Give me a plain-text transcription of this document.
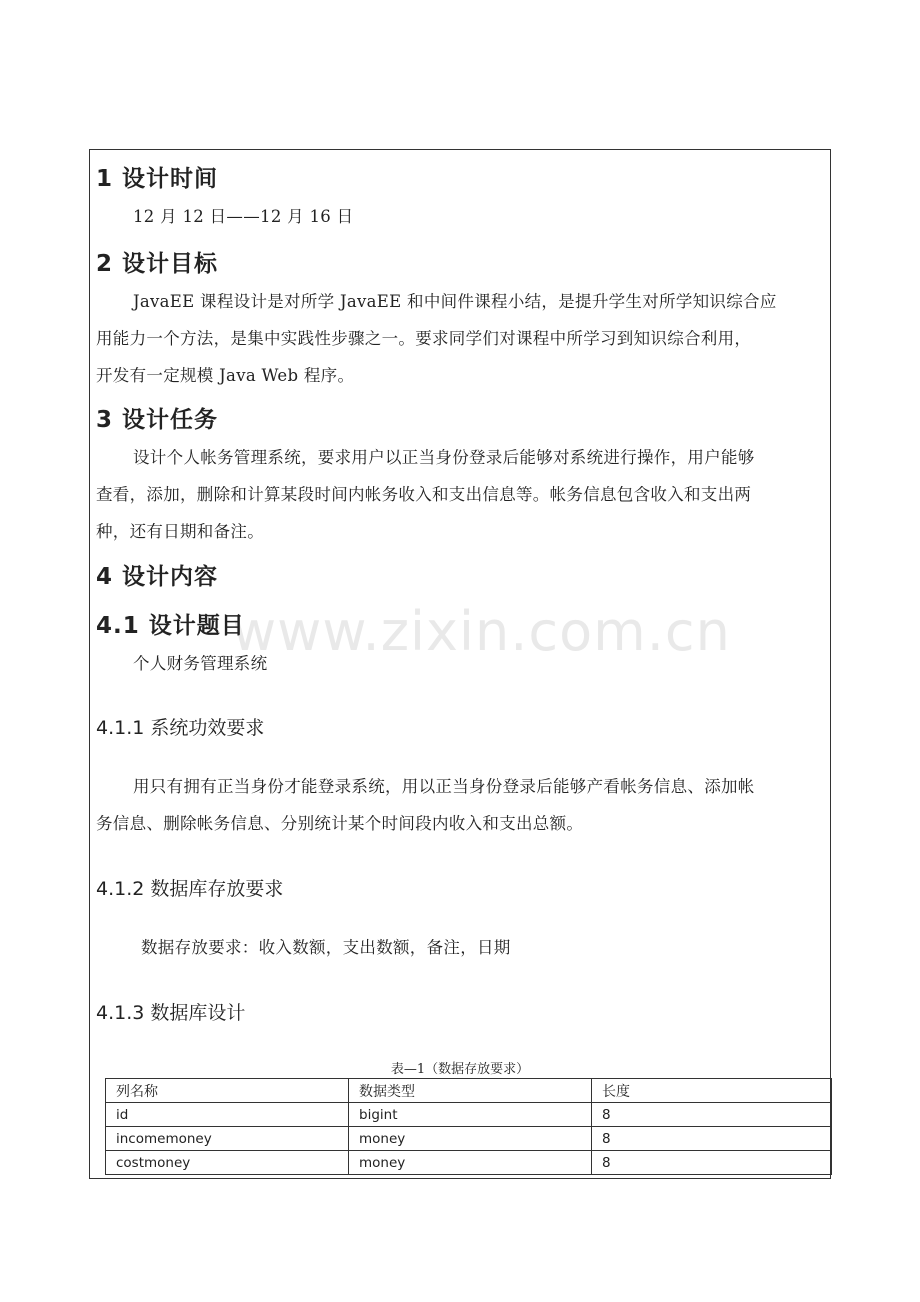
www.zixin.com.cn
1 设计时间
12 月 12 日——12 月 16 日
2 设计目标
JavaEE 课程设计是对所学 JavaEE 和中间件课程小结，是提升学生对所学知识综合应
用能力一个方法，是集中实践性步骤之一。要求同学们对课程中所学习到知识综合利用，
开发有一定规模 Java Web 程序。
3 设计任务
设计个人帐务管理系统，要求用户以正当身份登录后能够对系统进行操作，用户能够
查看，添加，删除和计算某段时间内帐务收入和支出信息等。帐务信息包含收入和支出两
种，还有日期和备注。
4 设计内容
4.1 设计题目
个人财务管理系统
4.1.1 系统功效要求
用只有拥有正当身份才能登录系统，用以正当身份登录后能够产看帐务信息、添加帐
务信息、删除帐务信息、分别统计某个时间段内收入和支出总额。
4.1.2 数据库存放要求
数据存放要求：收入数额，支出数额，备注，日期
4.1.3 数据库设计
表—1（数据存放要求）
列名称	数据类型	长度
id	bigint	8
incomemoney	money	8
costmoney	money	8
